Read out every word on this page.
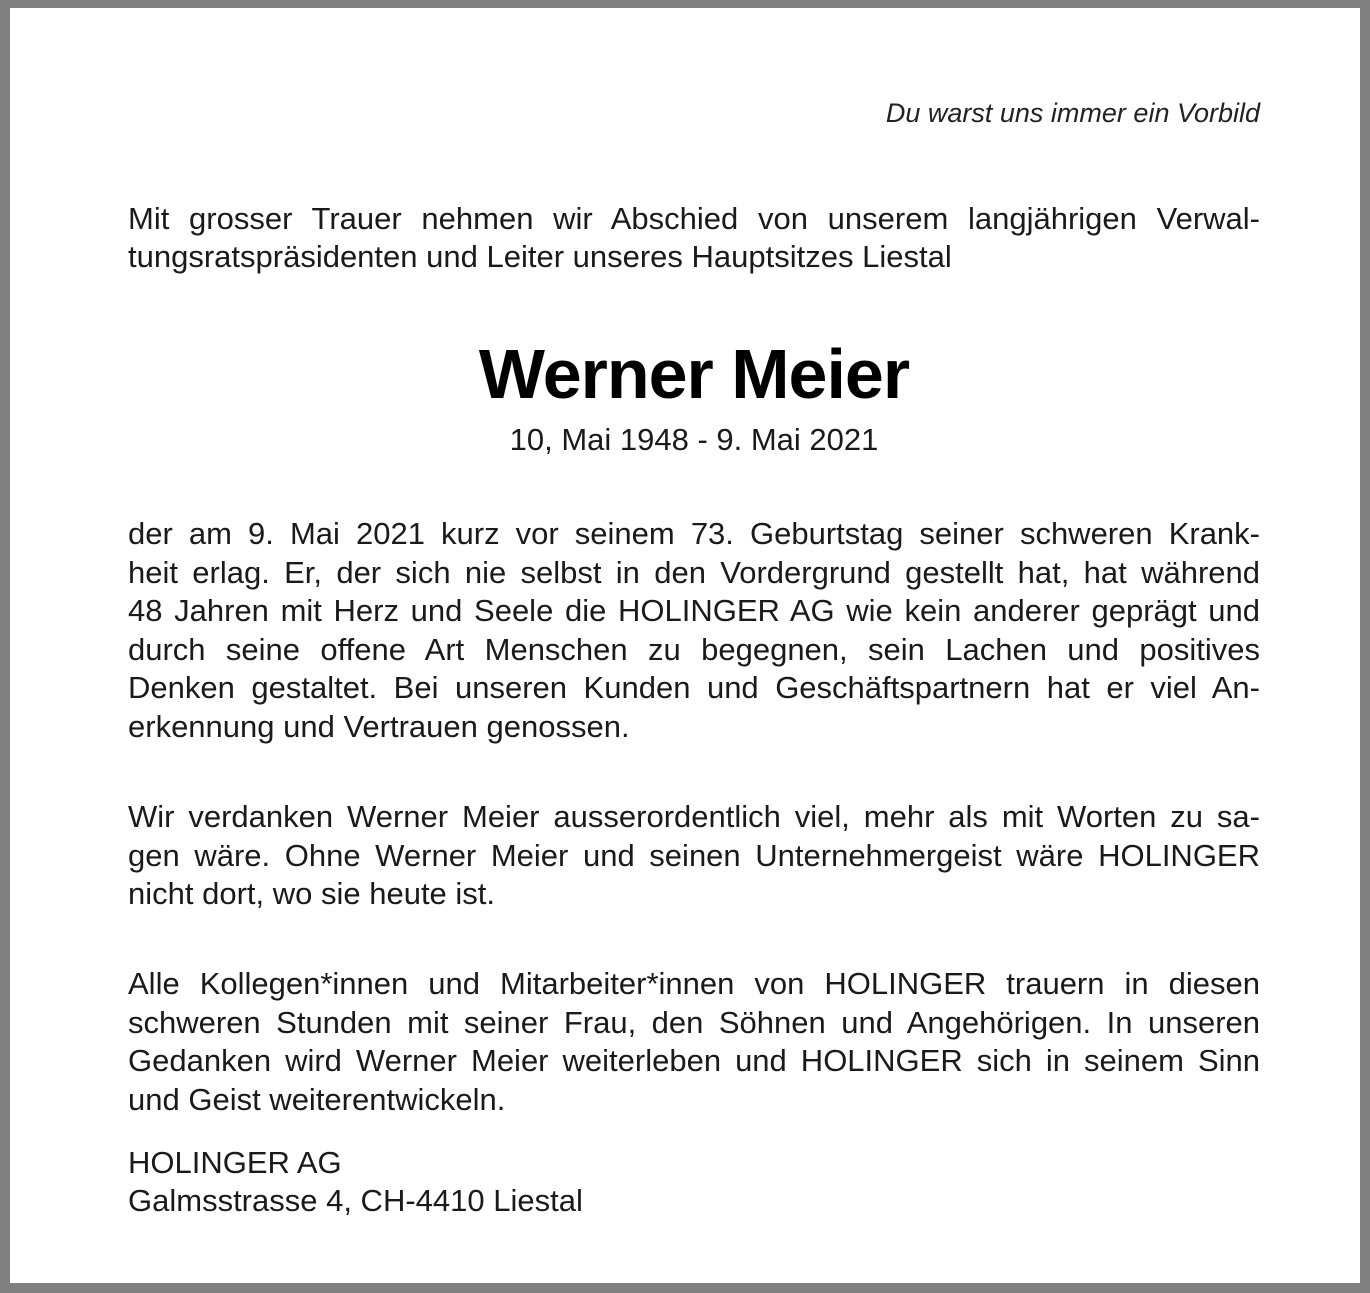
Du warst uns immer ein Vorbild

Mit grosser Trauer nehmen wir Abschied von unserem langjährigen Verwal-
tungsratspräsidenten und Leiter unseres Hauptsitzes Liestal

Werner Meier
10, Mai 1948 - 9. Mai 2021

der am 9. Mai 2021 kurz vor seinem 73. Geburtstag seiner schweren Krank-
heit erlag. Er, der sich nie selbst in den Vordergrund gestellt hat, hat während
48 Jahren mit Herz und Seele die HOLINGER AG wie kein anderer geprägt und
durch seine offene Art Menschen zu begegnen, sein Lachen und positives
Denken gestaltet. Bei unseren Kunden und Geschäftspartnern hat er viel An-
erkennung und Vertrauen genossen.

Wir verdanken Werner Meier ausserordentlich viel, mehr als mit Worten zu sa-
gen wäre. Ohne Werner Meier und seinen Unternehmergeist wäre HOLINGER
nicht dort, wo sie heute ist.

Alle Kollegen*innen und Mitarbeiter*innen von HOLINGER trauern in diesen
schweren Stunden mit seiner Frau, den Söhnen und Angehörigen. In unseren
Gedanken wird Werner Meier weiterleben und HOLINGER sich in seinem Sinn
und Geist weiterentwickeln.

HOLINGER AG
Galmsstrasse 4, CH-4410 Liestal
